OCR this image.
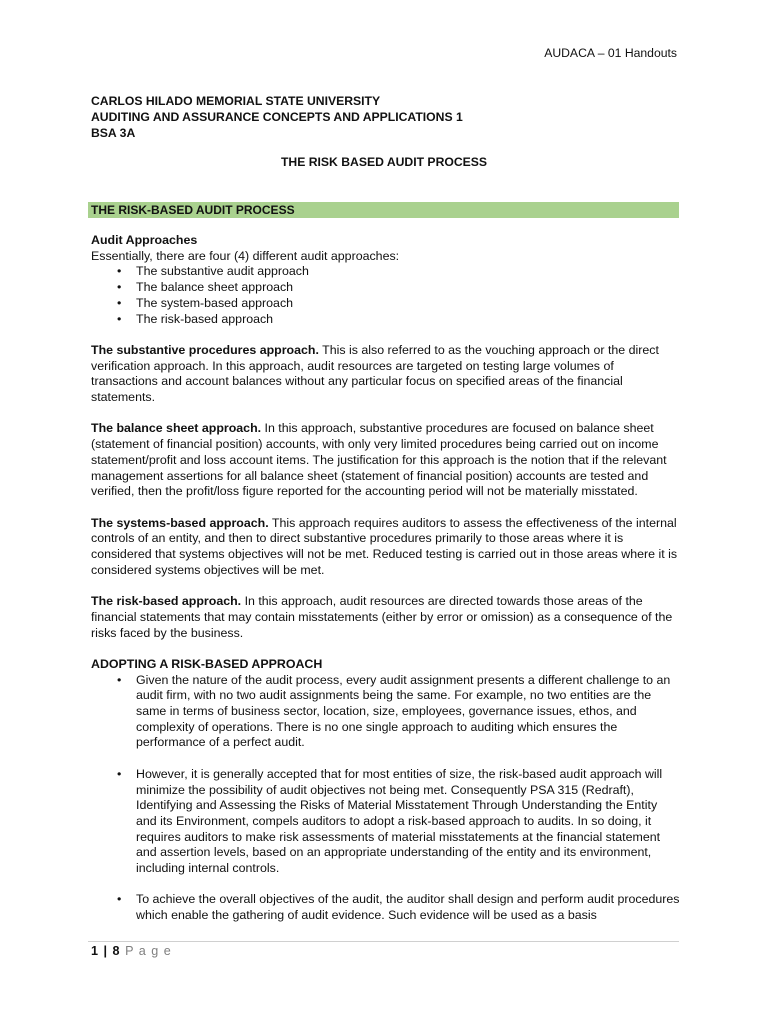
AUDACA – 01 Handouts
CARLOS HILADO MEMORIAL STATE UNIVERSITY
AUDITING AND ASSURANCE CONCEPTS AND APPLICATIONS 1
BSA 3A
THE RISK BASED AUDIT PROCESS
THE RISK-BASED AUDIT PROCESS

Audit Approaches

Essentially, there are four (4) different audit approaches:

• The substantive audit approach
• The balance sheet approach
• The system-based approach
• The risk-based approach

The substantive procedures approach. This is also referred to as the vouching approach or the direct verification approach. In this approach, audit resources are targeted on testing large volumes of transactions and account balances without any particular focus on specified areas of the financial statements.

The balance sheet approach. In this approach, substantive procedures are focused on balance sheet (statement of financial position) accounts, with only very limited procedures being carried out on income statement/profit and loss account items. The justification for this approach is the notion that if the relevant management assertions for all balance sheet (statement of financial position) accounts are tested and verified, then the profit/loss figure reported for the accounting period will not be materially misstated.

The systems-based approach. This approach requires auditors to assess the effectiveness of the internal controls of an entity, and then to direct substantive procedures primarily to those areas where it is considered that systems objectives will not be met. Reduced testing is carried out in those areas where it is considered systems objectives will be met.

The risk-based approach. In this approach, audit resources are directed towards those areas of the financial statements that may contain misstatements (either by error or omission) as a consequence of the risks faced by the business.

ADOPTING A RISK-BASED APPROACH

• Given the nature of the audit process, every audit assignment presents a different challenge to an audit firm, with no two audit assignments being the same. For example, no two entities are the same in terms of business sector, location, size, employees, governance issues, ethos, and complexity of operations. There is no one single approach to auditing which ensures the performance of a perfect audit.
• However, it is generally accepted that for most entities of size, the risk-based audit approach will minimize the possibility of audit objectives not being met. Consequently PSA 315 (Redraft), Identifying and Assessing the Risks of Material Misstatement Through Understanding the Entity and its Environment, compels auditors to adopt a risk-based approach to audits. In so doing, it requires auditors to make risk assessments of material misstatements at the financial statement and assertion levels, based on an appropriate understanding of the entity and its environment, including internal controls.
• To achieve the overall objectives of the audit, the auditor shall design and perform audit procedures which enable the gathering of audit evidence. Such evidence will be used as a basis
1 | 8 P a g e
